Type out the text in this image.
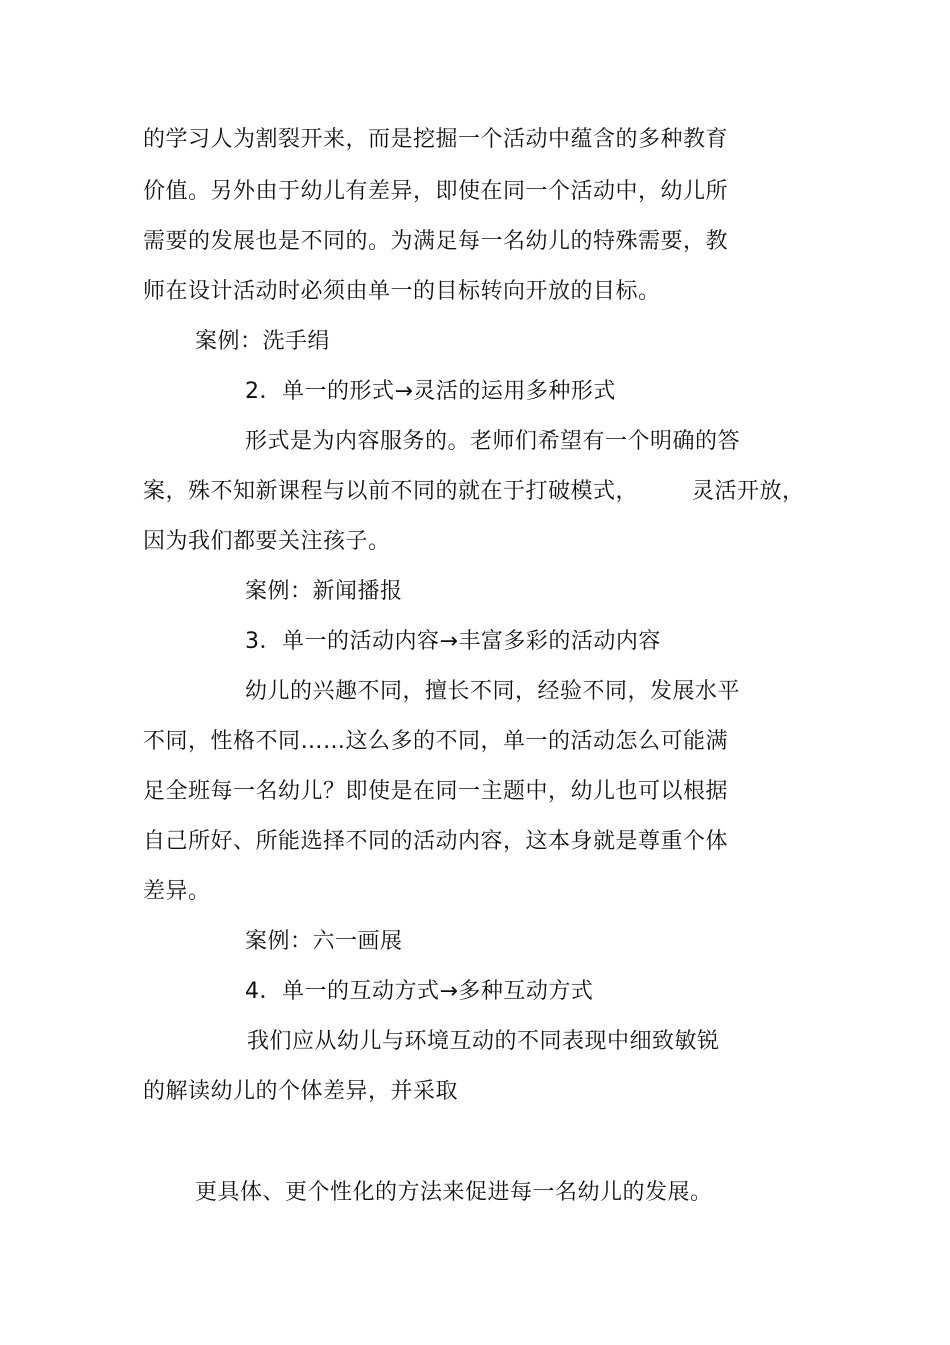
的学习人为割裂开来，而是挖掘一个活动中蕴含的多种教育
价值。另外由于幼儿有差异，即使在同一个活动中，幼儿所
需要的发展也是不同的。为满足每一名幼儿的特殊需要，教
师在设计活动时必须由单一的目标转向开放的目标。
案例：洗手绢
2．单一的形式→灵活的运用多种形式
形式是为内容服务的。老师们希望有一个明确的答
案，殊不知新课程与以前不同的就在于打破模式， 灵活开放，
因为我们都要关注孩子。
案例：新闻播报
3．单一的活动内容→丰富多彩的活动内容
幼儿的兴趣不同，擅长不同，经验不同，发展水平
不同，性格不同……这么多的不同，单一的活动怎么可能满
足全班每一名幼儿？即使是在同一主题中，幼儿也可以根据
自己所好、所能选择不同的活动内容，这本身就是尊重个体
差异。
案例：六一画展
4．单一的互动方式→多种互动方式
我们应从幼儿与环境互动的不同表现中细致敏锐
的解读幼儿的个体差异，并采取
更具体、更个性化的方法来促进每一名幼儿的发展。
